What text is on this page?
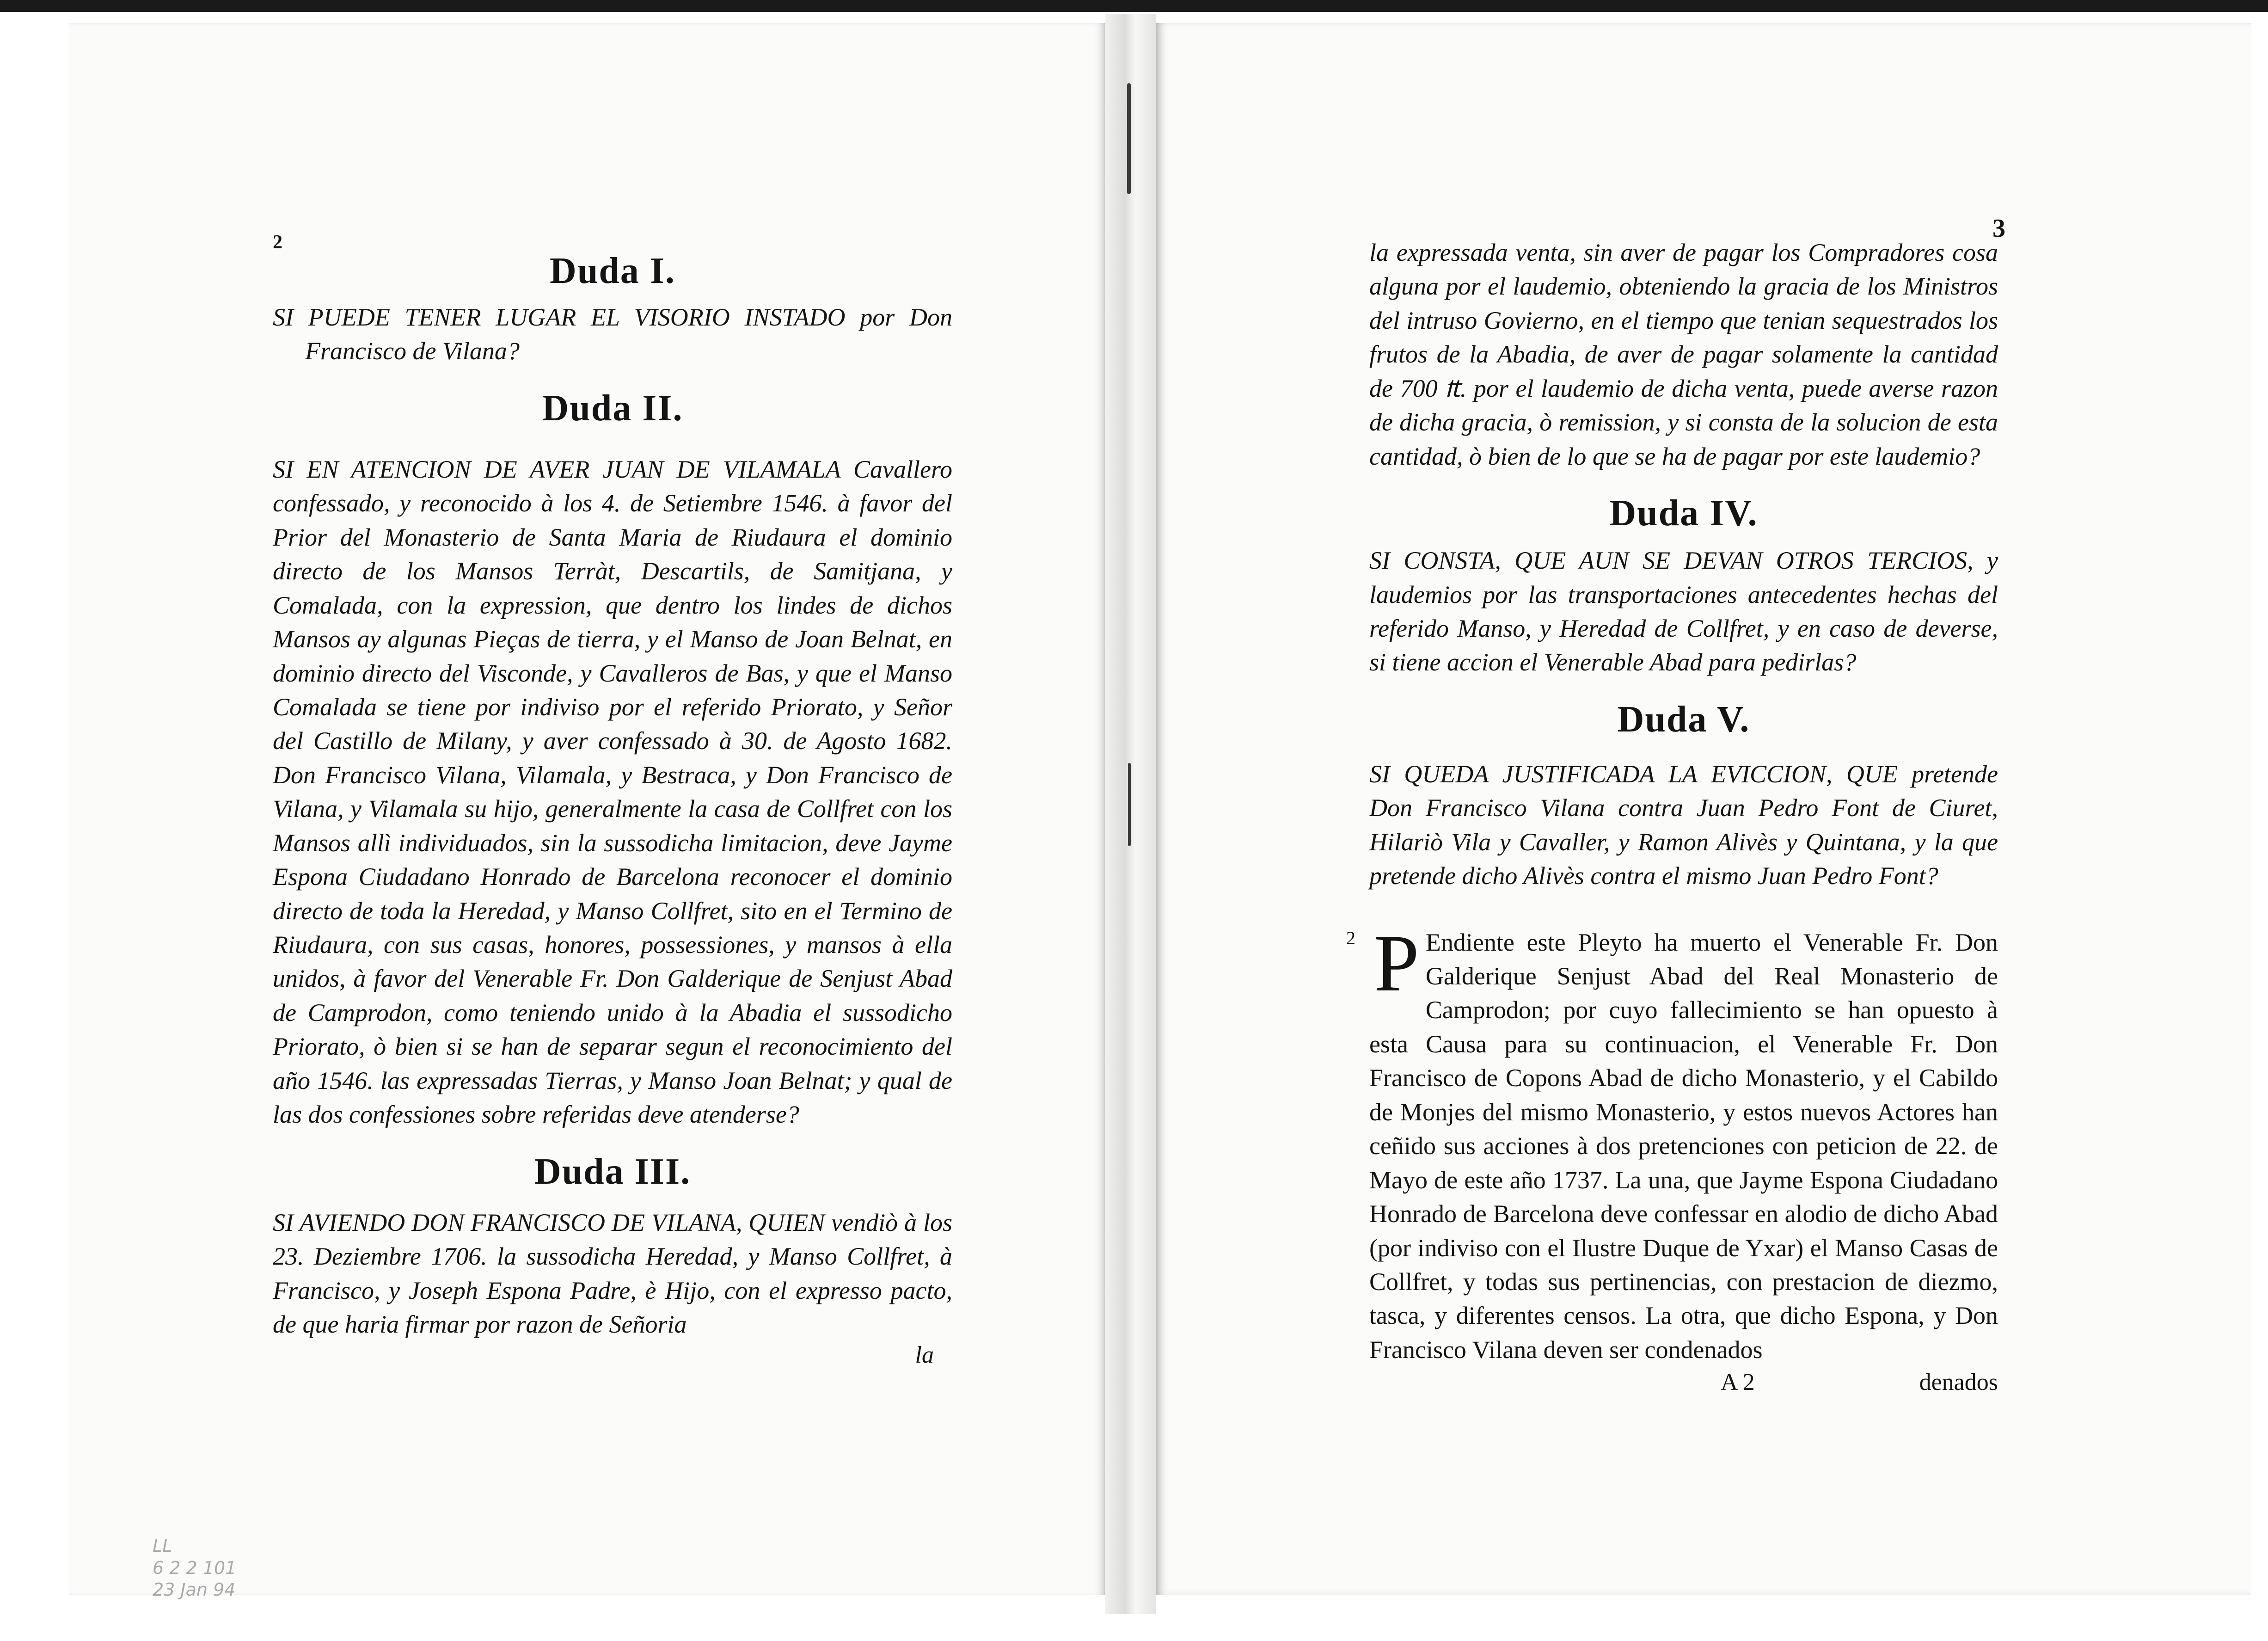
2
Duda I.

SI PUEDE TENER LUGAR EL VISORIO INSTADO por Don Francisco de Vilana?

Duda II.

SI EN ATENCION DE AVER JUAN DE VILAMALA Cavallero confessado, y reconocido à los 4. de Setiembre 1546. à favor del Prior del Monasterio de Santa Maria de Riudaura el dominio directo de los Mansos Terràt, Descartils, de Samitjana, y Comalada, con la expression, que dentro los lindes de dichos Mansos ay algunas Pieças de tierra, y el Manso de Joan Belnat, en dominio directo del Visconde, y Cavalleros de Bas, y que el Manso Comalada se tiene por indiviso por el referido Priorato, y Señor del Castillo de Milany, y aver confessado à 30. de Agosto 1682. Don Francisco Vilana, Vilamala, y Bestraca, y Don Francisco de Vilana, y Vilamala su hijo, generalmente la casa de Collfret con los Mansos allì individuados, sin la sussodicha limitacion, deve Jayme Espona Ciudadano Honrado de Barcelona reconocer el dominio directo de toda la Heredad, y Manso Collfret, sito en el Termino de Riudaura, con sus casas, honores, possessiones, y mansos à ella unidos, à favor del Venerable Fr. Don Galderique de Senjust Abad de Camprodon, como teniendo unido à la Abadia el sussodicho Priorato, ò bien si se han de separar segun el reconocimiento del año 1546. las expressadas Tierras, y Manso Joan Belnat; y qual de las dos confessiones sobre referidas deve atenderse?

Duda III.

SI AVIENDO DON FRANCISCO DE VILANA, QUIEN vendiò à los 23. Deziembre 1706. la sussodicha Heredad, y Manso Collfret, à Francisco, y Joseph Espona Padre, è Hijo, con el expresso pacto, de que haria firmar por razon de Señoria

la
LL
6 2 2 101
23 Jan 94
3

la expressada venta, sin aver de pagar los Compradores cosa alguna por el laudemio, obteniendo la gracia de los Ministros del intruso Govierno, en el tiempo que tenian sequestrados los frutos de la Abadia, de aver de pagar solamente la cantidad de 700 ₶. por el laudemio de dicha venta, puede averse razon de dicha gracia, ò remission, y si consta de la solucion de esta cantidad, ò bien de lo que se ha de pagar por este laudemio?

Duda IV.

SI CONSTA, QUE AUN SE DEVAN OTROS TERCIOS, y laudemios por las transportaciones antecedentes hechas del referido Manso, y Heredad de Collfret, y en caso de deverse, si tiene accion el Venerable Abad para pedirlas?

Duda V.

SI QUEDA JUSTIFICADA LA EVICCION, QUE pretende Don Francisco Vilana contra Juan Pedro Font de Ciuret, Hilariò Vila y Cavaller, y Ramon Alivès y Quintana, y la que pretende dicho Alivès contra el mismo Juan Pedro Font?

2 P Endiente este Pleyto ha muerto el Venerable Fr. Don Galderique Senjust Abad del Real Monasterio de Camprodon; por cuyo fallecimiento se han opuesto à esta Causa para su continuacion, el Venerable Fr. Don Francisco de Copons Abad de dicho Monasterio, y el Cabildo de Monjes del mismo Monasterio, y estos nuevos Actores han ceñido sus acciones à dos pretenciones con peticion de 22. de Mayo de este año 1737. La una, que Jayme Espona Ciudadano Honrado de Barcelona deve confessar en alodio de dicho Abad (por indiviso con el Ilustre Duque de Yxar) el Manso Casas de Collfret, y todas sus pertinencias, con prestacion de diezmo, tasca, y diferentes censos. La otra, que dicho Espona, y Don Francisco Vilana deven ser condenados
A 2	denados
